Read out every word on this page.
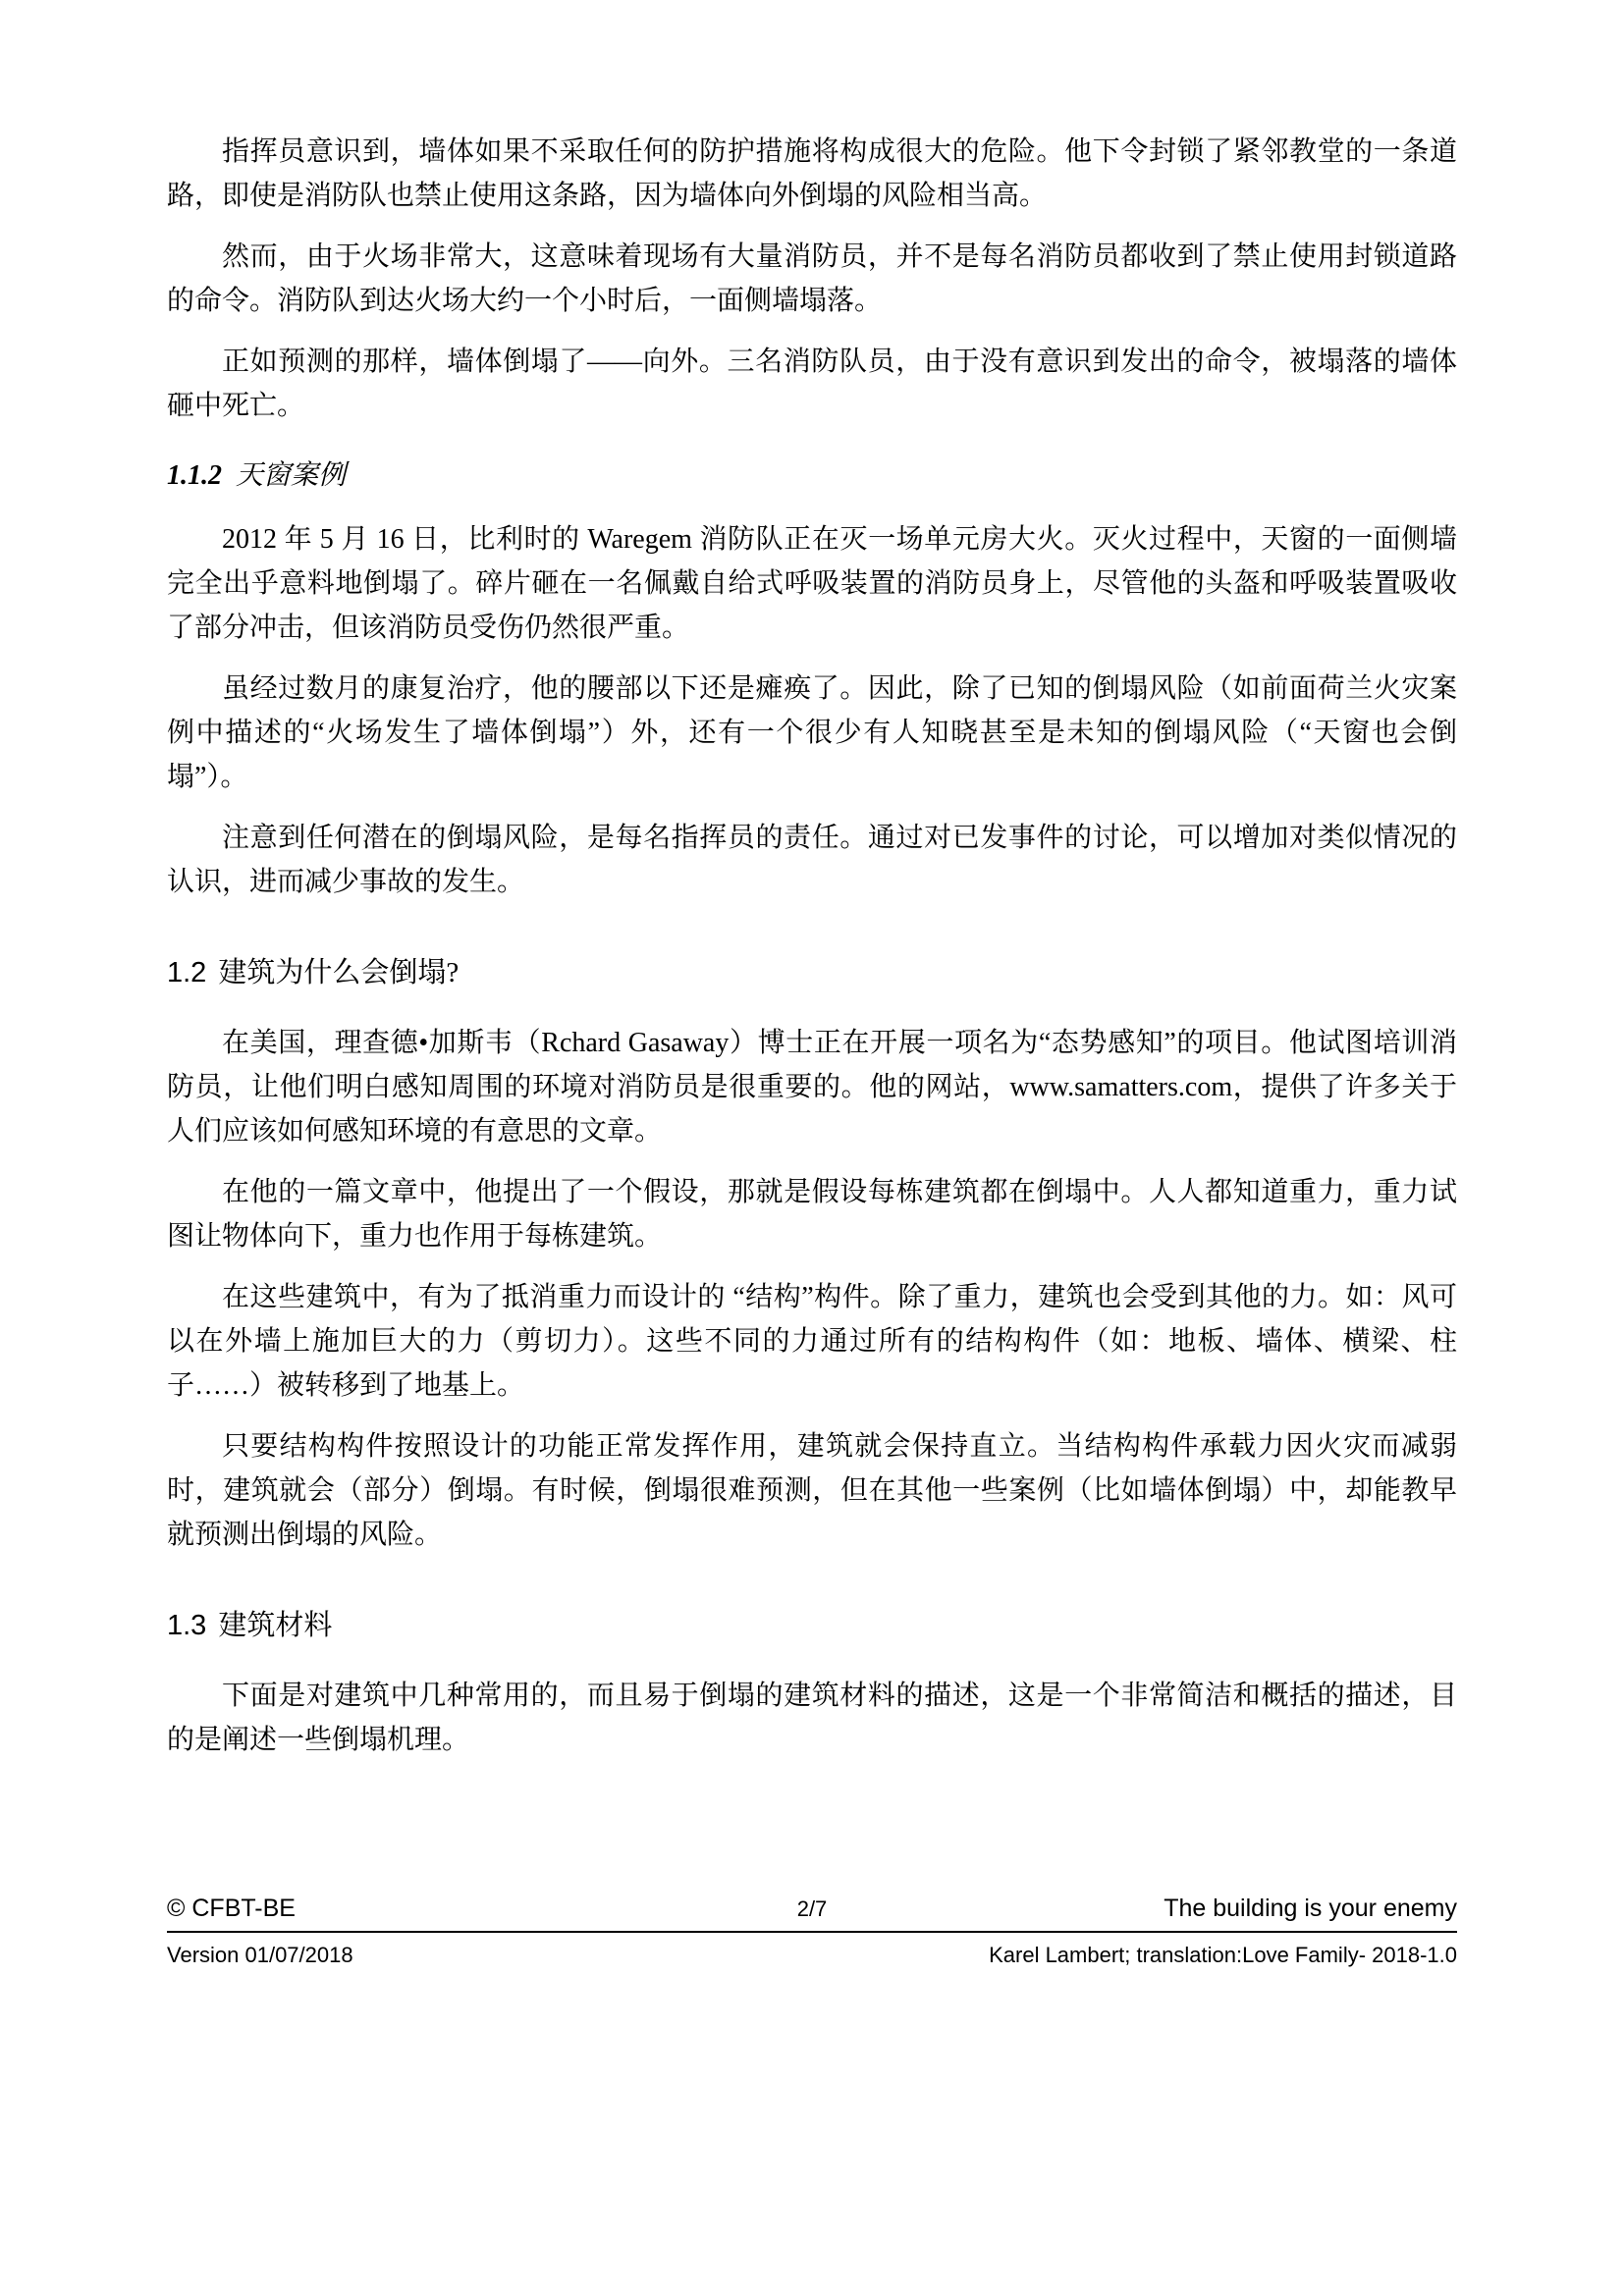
指挥员意识到，墙体如果不采取任何的防护措施将构成很大的危险。他下令封锁了紧邻教堂的一条道路，即使是消防队也禁止使用这条路，因为墙体向外倒塌的风险相当高。

然而，由于火场非常大，这意味着现场有大量消防员，并不是每名消防员都收到了禁止使用封锁道路的命令。消防队到达火场大约一个小时后，一面侧墙塌落。

正如预测的那样，墙体倒塌了——向外。三名消防队员，由于没有意识到发出的命令，被塌落的墙体砸中死亡。

1.1.2 天窗案例

2012 年 5 月 16 日，比利时的 Waregem 消防队正在灭一场单元房大火。灭火过程中，天窗的一面侧墙完全出乎意料地倒塌了。碎片砸在一名佩戴自给式呼吸装置的消防员身上，尽管他的头盔和呼吸装置吸收了部分冲击，但该消防员受伤仍然很严重。

虽经过数月的康复治疗，他的腰部以下还是瘫痪了。因此，除了已知的倒塌风险（如前面荷兰火灾案例中描述的“火场发生了墙体倒塌”）外，还有一个很少有人知晓甚至是未知的倒塌风险（“天窗也会倒塌”）。

注意到任何潜在的倒塌风险，是每名指挥员的责任。通过对已发事件的讨论，可以增加对类似情况的认识，进而减少事故的发生。

1.2 建筑为什么会倒塌?

在美国，理查德•加斯韦（Rchard Gasaway）博士正在开展一项名为“态势感知”的项目。他试图培训消防员，让他们明白感知周围的环境对消防员是很重要的。他的网站，www.samatters.com，提供了许多关于人们应该如何感知环境的有意思的文章。

在他的一篇文章中，他提出了一个假设，那就是假设每栋建筑都在倒塌中。人人都知道重力，重力试图让物体向下，重力也作用于每栋建筑。

在这些建筑中，有为了抵消重力而设计的 “结构”构件。除了重力，建筑也会受到其他的力。如：风可以在外墙上施加巨大的力（剪切力）。这些不同的力通过所有的结构构件（如：地板、墙体、横梁、柱子……）被转移到了地基上。

只要结构构件按照设计的功能正常发挥作用，建筑就会保持直立。当结构构件承载力因火灾而减弱时，建筑就会（部分）倒塌。有时候，倒塌很难预测，但在其他一些案例（比如墙体倒塌）中，却能教早就预测出倒塌的风险。

1.3 建筑材料

下面是对建筑中几种常用的，而且易于倒塌的建筑材料的描述，这是一个非常简洁和概括的描述，目的是阐述一些倒塌机理。

© CFBT-BE	2/7	The building is your enemy
Version 01/07/2018	Karel Lambert; translation:Love Family- 2018-1.0
